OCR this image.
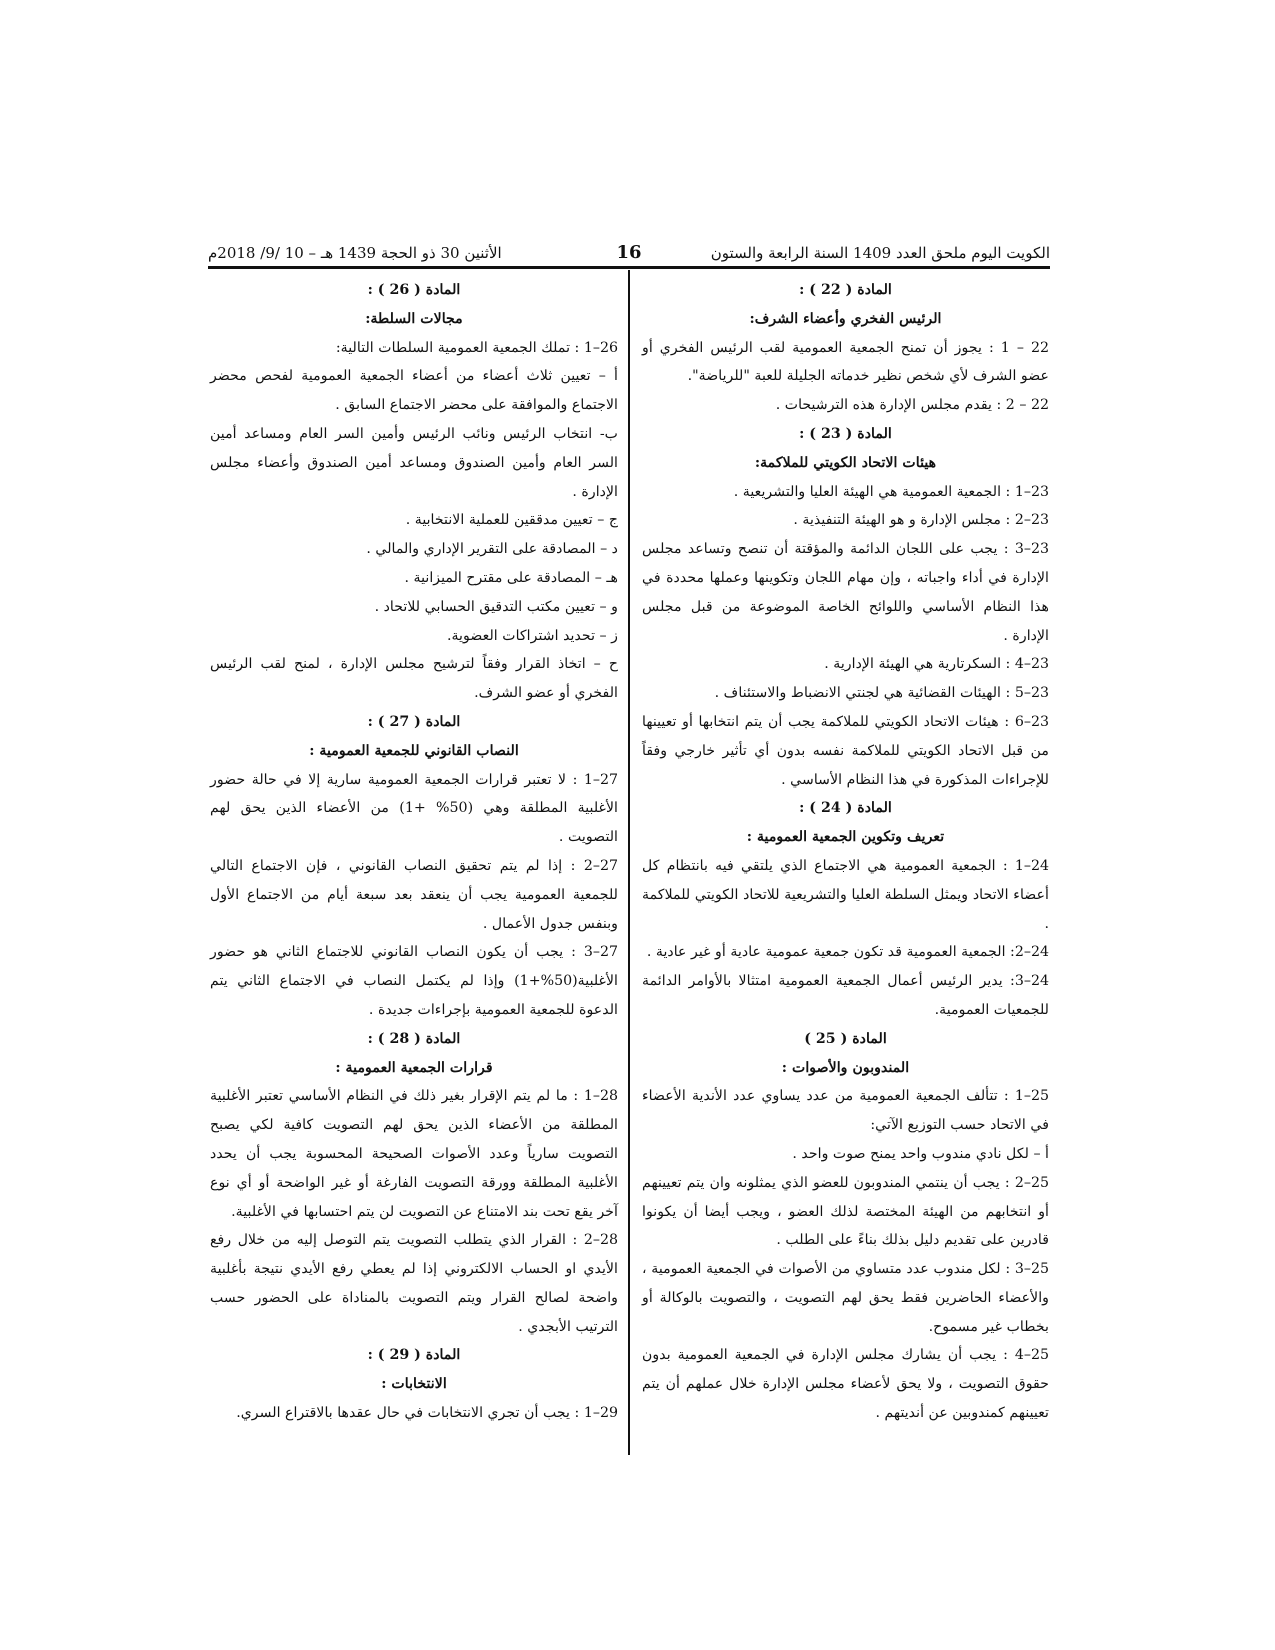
الكويت اليوم ملحق العدد 1409 السنة الرابعة والستون
16
الأثنين 30 ذو الحجة 1439 هـ – 10 /9/ 2018م

المادة ( 22 ) :

الرئيس الفخري وأعضاء الشرف:

22 – 1 : يجوز أن تمنح الجمعية العمومية لقب الرئيس الفخري أو عضو الشرف لأي شخص نظير خدماته الجليلة للعبة "للرياضة".

22 – 2 : يقدم مجلس الإدارة هذه الترشيحات .

المادة ( 23 ) :

هيئات الاتحاد الكويتي للملاكمة:

23–1 : الجمعية العمومية هي الهيئة العليا والتشريعية .

23–2 : مجلس الإدارة و هو الهيئة التنفيذية .

23–3 : يجب على اللجان الدائمة والمؤقتة أن تنصح وتساعد مجلس الإدارة في أداء واجباته ، وإن مهام اللجان وتكوينها وعملها محددة في هذا النظام الأساسي واللوائح الخاصة الموضوعة من قبل مجلس الإدارة .

23–4 : السكرتارية هي الهيئة الإدارية .

23–5 : الهيئات القضائية هي لجنتي الانضباط والاستئناف .

23–6 : هيئات الاتحاد الكويتي للملاكمة يجب أن يتم انتخابها أو تعيينها من قبل الاتحاد الكويتي للملاكمة نفسه بدون أي تأثير خارجي وفقاً للإجراءات المذكورة في هذا النظام الأساسي .

المادة ( 24 ) :

تعريف وتكوين الجمعية العمومية :

24–1 : الجمعية العمومية هي الاجتماع الذي يلتقي فيه بانتظام كل أعضاء الاتحاد ويمثل السلطة العليا والتشريعية للاتحاد الكويتي للملاكمة .

24–2: الجمعية العمومية قد تكون جمعية عمومية عادية أو غير عادية .

24–3: يدير الرئيس أعمال الجمعية العمومية امتثالا بالأوامر الدائمة للجمعيات العمومية.

المادة ( 25 )

المندوبون والأصوات :

25–1 : تتألف الجمعية العمومية من عدد يساوي عدد الأندية الأعضاء في الاتحاد حسب التوزيع الآتي:

أ – لكل نادي مندوب واحد يمنح صوت واحد .

25–2 : يجب أن ينتمي المندوبون للعضو الذي يمثلونه وان يتم تعيينهم أو انتخابهم من الهيئة المختصة لذلك العضو ، ويجب أيضا أن يكونوا قادرين على تقديم دليل بذلك بناءً على الطلب .

25–3 : لكل مندوب عدد متساوي من الأصوات في الجمعية العمومية ، والأعضاء الحاضرين فقط يحق لهم التصويت ، والتصويت بالوكالة أو بخطاب غير مسموح.

25–4 : يجب أن يشارك مجلس الإدارة في الجمعية العمومية بدون حقوق التصويت ، ولا يحق لأعضاء مجلس الإدارة خلال عملهم أن يتم تعيينهم كمندوبين عن أنديتهم .

المادة ( 26 ) :

مجالات السلطة:

26–1 : تملك الجمعية العمومية السلطات التالية:

أ – تعيين ثلاث أعضاء من أعضاء الجمعية العمومية لفحص محضر الاجتماع والموافقة على محضر الاجتماع السابق .

ب- انتخاب الرئيس ونائب الرئيس وأمين السر العام ومساعد أمين السر العام وأمين الصندوق ومساعد أمين الصندوق وأعضاء مجلس الإدارة .

ج – تعيين مدققين للعملية الانتخابية .

د – المصادقة على التقرير الإداري والمالي .

هـ – المصادقة على مقترح الميزانية .

و – تعيين مكتب التدقيق الحسابي للاتحاد .

ز – تحديد اشتراكات العضوية.

ح – اتخاذ القرار وفقاً لترشيح مجلس الإدارة ، لمنح لقب الرئيس الفخري أو عضو الشرف.

المادة ( 27 ) :

النصاب القانوني للجمعية العمومية :

27–1 : لا تعتبر قرارات الجمعية العمومية سارية إلا في حالة حضور الأغلبية المطلقة وهي (50% +1) من الأعضاء الذين يحق لهم التصويت .

27–2 : إذا لم يتم تحقيق النصاب القانوني ، فإن الاجتماع التالي للجمعية العمومية يجب أن ينعقد بعد سبعة أيام من الاجتماع الأول وبنفس جدول الأعمال .

27–3 : يجب أن يكون النصاب القانوني للاجتماع الثاني هو حضور الأغلبية(50%+1) وإذا لم يكتمل النصاب في الاجتماع الثاني يتم الدعوة للجمعية العمومية بإجراءات جديدة .

المادة ( 28 ) :

قرارات الجمعية العمومية :

28–1 : ما لم يتم الإقرار بغير ذلك في النظام الأساسي تعتبر الأغلبية المطلقة من الأعضاء الذين يحق لهم التصويت كافية لكي يصبح التصويت سارياً وعدد الأصوات الصحيحة المحسوبة يجب أن يحدد الأغلبية المطلقة وورقة التصويت الفارغة أو غير الواضحة أو أي نوع آخر يقع تحت بند الامتناع عن التصويت لن يتم احتسابها في الأغلبية.

28–2 : القرار الذي يتطلب التصويت يتم التوصل إليه من خلال رفع الأيدي او الحساب الالكتروني إذا لم يعطي رفع الأيدي نتيجة بأغلبية واضحة لصالح القرار ويتم التصويت بالمناداة على الحضور حسب الترتيب الأبجدي .

المادة ( 29 ) :

الانتخابات :

29–1 : يجب أن تجري الانتخابات في حال عقدها بالاقتراع السري.
